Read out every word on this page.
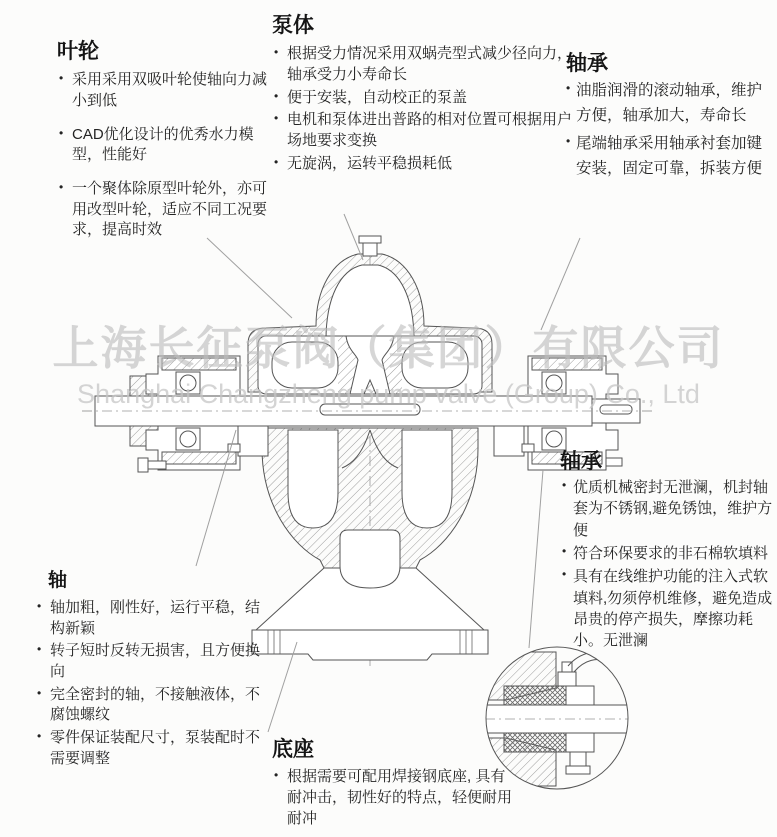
上海长征泵阀（集团）有限公司
Shanghai Changzheng pump valve (Group) Co., Ltd
叶轮
• 采用采用双吸叶轮使轴向力减小到低
• CAD优化设计的优秀水力模型，性能好
• 一个聚体除原型叶轮外，亦可用改型叶轮，适应不同工况要求，提高时效
泵体
• 根据受力情况采用双蜗壳型式减少径向力，轴承受力小寿命长
• 便于安装，自动校正的泵盖
• 电机和泵体进出普路的相对位置可根据用户场地要求变换
• 无旋涡，运转平稳损耗低
轴承
• 油脂润滑的滚动轴承，维护方便，轴承加大，寿命长
• 尾端轴承采用轴承衬套加键安装，固定可靠，拆装方便
轴承
• 优质机械密封无泄澜，机封轴套为不锈钢,避免锈蚀，维护方便
• 符合环保要求的非石棉软填料
• 具有在线维护功能的注入式软填料,勿须停机维修，避免造成昂贵的停产损失，摩擦功耗小。无泄澜
轴
• 轴加粗，刚性好，运行平稳，结构新颖
• 转子短时反转无损害，且方便换向
• 完全密封的轴，不接触液体，不腐蚀螺纹
• 零件保证装配尺寸，泵装配时不需要调整	底座
• 根据需要可配用焊接钢底座, 具有耐冲击，韧性好的特点，轻便耐用耐冲
